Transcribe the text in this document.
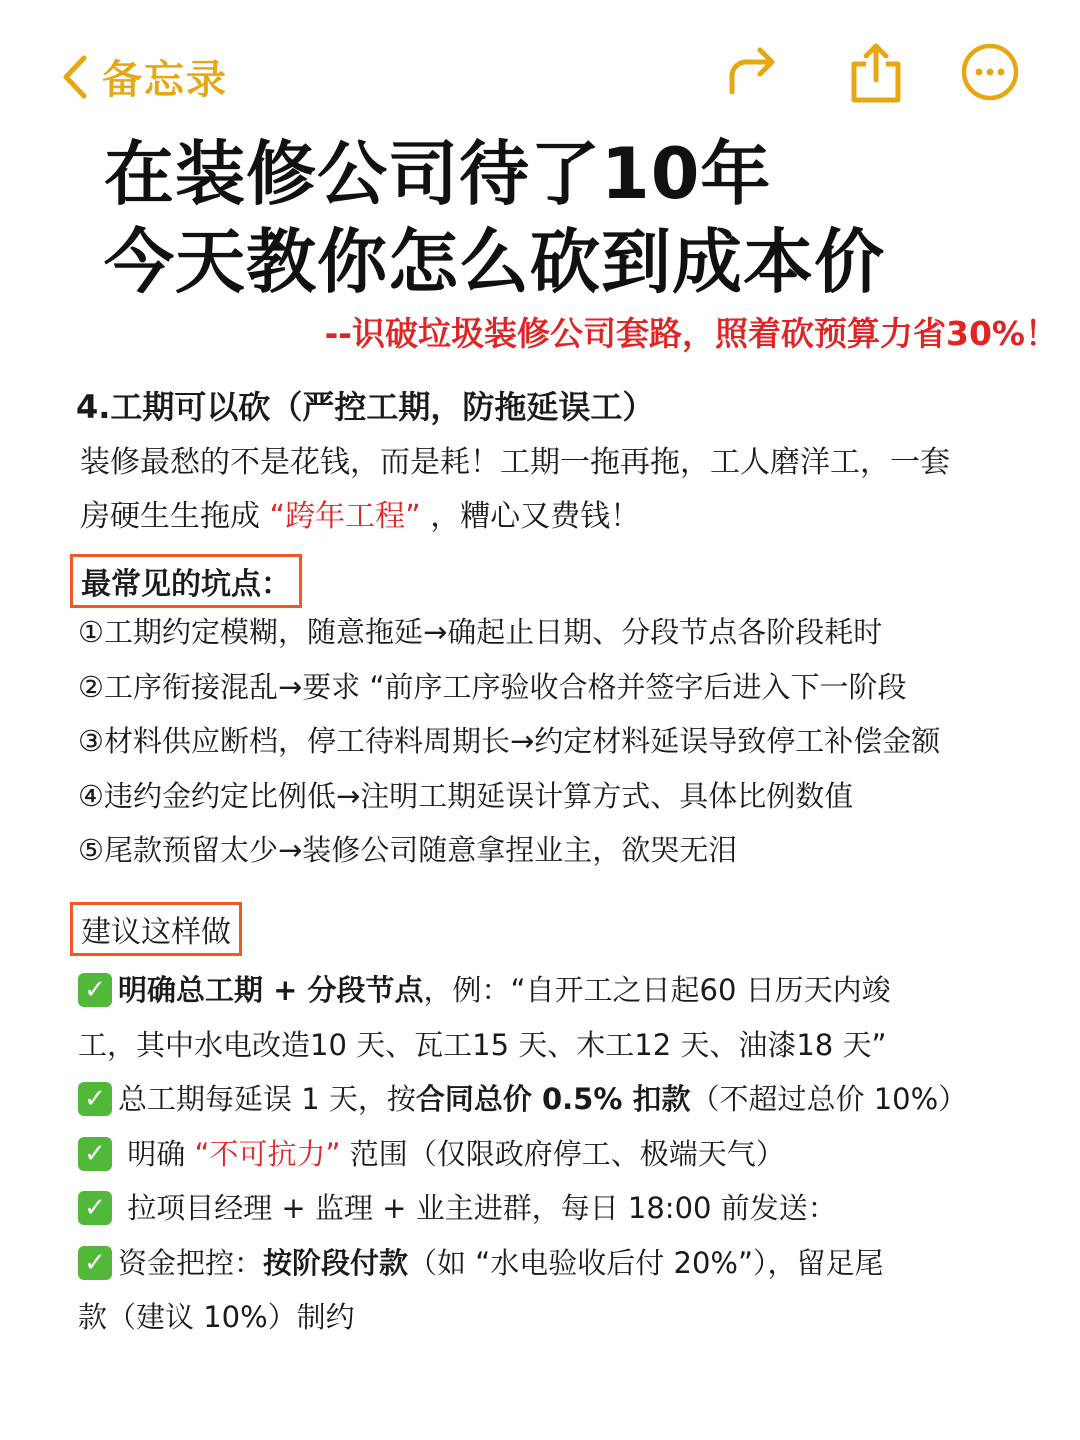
备忘录
在装修公司待了10年
今天教你怎么砍到成本价
--识破垃圾装修公司套路，照着砍预算力省30%！
4.工期可以砍（严控工期，防拖延误工）
装修最愁的不是花钱，而是耗！工期一拖再拖，工人磨洋工，一套
房硬生生拖成 “跨年工程” ，糟心又费钱！
最常见的坑点：
①工期约定模糊，随意拖延→确起止日期、分段节点各阶段耗时
②工序衔接混乱→要求 “前序工序验收合格并签字后进入下一阶段
③材料供应断档，停工待料周期长→约定材料延误导致停工补偿金额
④违约金约定比例低→注明工期延误计算方式、具体比例数值
⑤尾款预留太少→装修公司随意拿捏业主，欲哭无泪
建议这样做
✓ 明确总工期 + 分段节点 ，例：“自开工之日起60 日历天内竣
工，其中水电改造10 天、瓦工15 天、木工12 天、油漆18 天”
✓ 总工期每延误 1 天，按 合同总价 0.5% 扣款 （不超过总价 10%）
✓ 明确 “不可抗力” 范围（仅限政府停工、极端天气）
✓ 拉项目经理 + 监理 + 业主进群，每日 18:00 前发送：
✓ 资金把控： 按阶段付款 （如 “水电验收后付 20%”），留足尾
款（建议 10%）制约
